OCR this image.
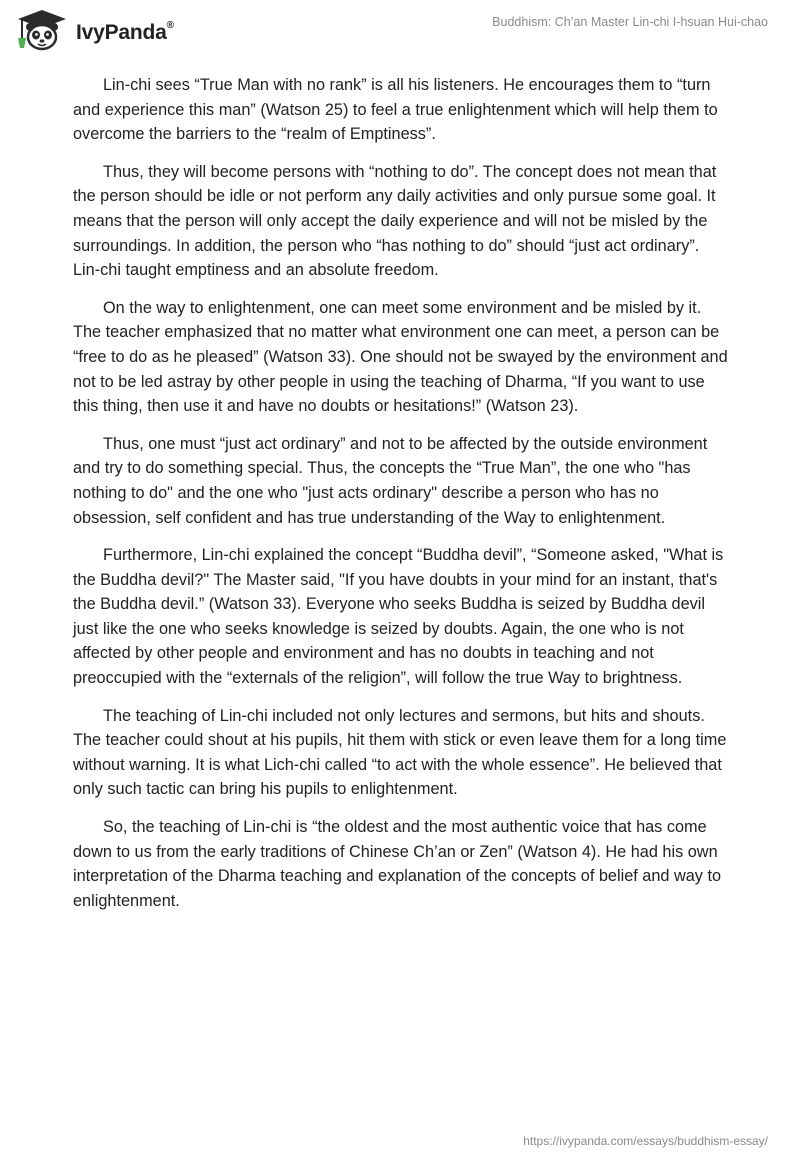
IvyPanda®	Buddhism: Ch’an Master Lin-chi I-hsuan Hui-chao

Lin-chi sees “True Man with no rank” is all his listeners. He encourages them to “turn and experience this man” (Watson 25) to feel a true enlightenment which will help them to overcome the barriers to the “realm of Emptiness”.

Thus, they will become persons with “nothing to do”. The concept does not mean that the person should be idle or not perform any daily activities and only pursue some goal. It means that the person will only accept the daily experience and will not be misled by the surroundings. In addition, the person who “has nothing to do” should “just act ordinary”. Lin-chi taught emptiness and an absolute freedom.

On the way to enlightenment, one can meet some environment and be misled by it. The teacher emphasized that no matter what environment one can meet, a person can be “free to do as he pleased” (Watson 33). One should not be swayed by the environment and not to be led astray by other people in using the teaching of Dharma, “If you want to use this thing, then use it and have no doubts or hesitations!” (Watson 23).

Thus, one must “just act ordinary” and not to be affected by the outside environment and try to do something special. Thus, the concepts the “True Man”, the one who "has nothing to do" and the one who "just acts ordinary" describe a person who has no obsession, self confident and has true understanding of the Way to enlightenment.

Furthermore, Lin-chi explained the concept “Buddha devil”, “Someone asked, "What is the Buddha devil?" The Master said, "If you have doubts in your mind for an instant, that's the Buddha devil.” (Watson 33). Everyone who seeks Buddha is seized by Buddha devil just like the one who seeks knowledge is seized by doubts. Again, the one who is not affected by other people and environment and has no doubts in teaching and not preoccupied with the “externals of the religion”, will follow the true Way to brightness.

The teaching of Lin-chi included not only lectures and sermons, but hits and shouts. The teacher could shout at his pupils, hit them with stick or even leave them for a long time without warning. It is what Lich-chi called “to act with the whole essence”. He believed that only such tactic can bring his pupils to enlightenment.

So, the teaching of Lin-chi is “the oldest and the most authentic voice that has come down to us from the early traditions of Chinese Ch’an or Zen” (Watson 4). He had his own interpretation of the Dharma teaching and explanation of the concepts of belief and way to enlightenment.

https://ivypanda.com/essays/buddhism-essay/
